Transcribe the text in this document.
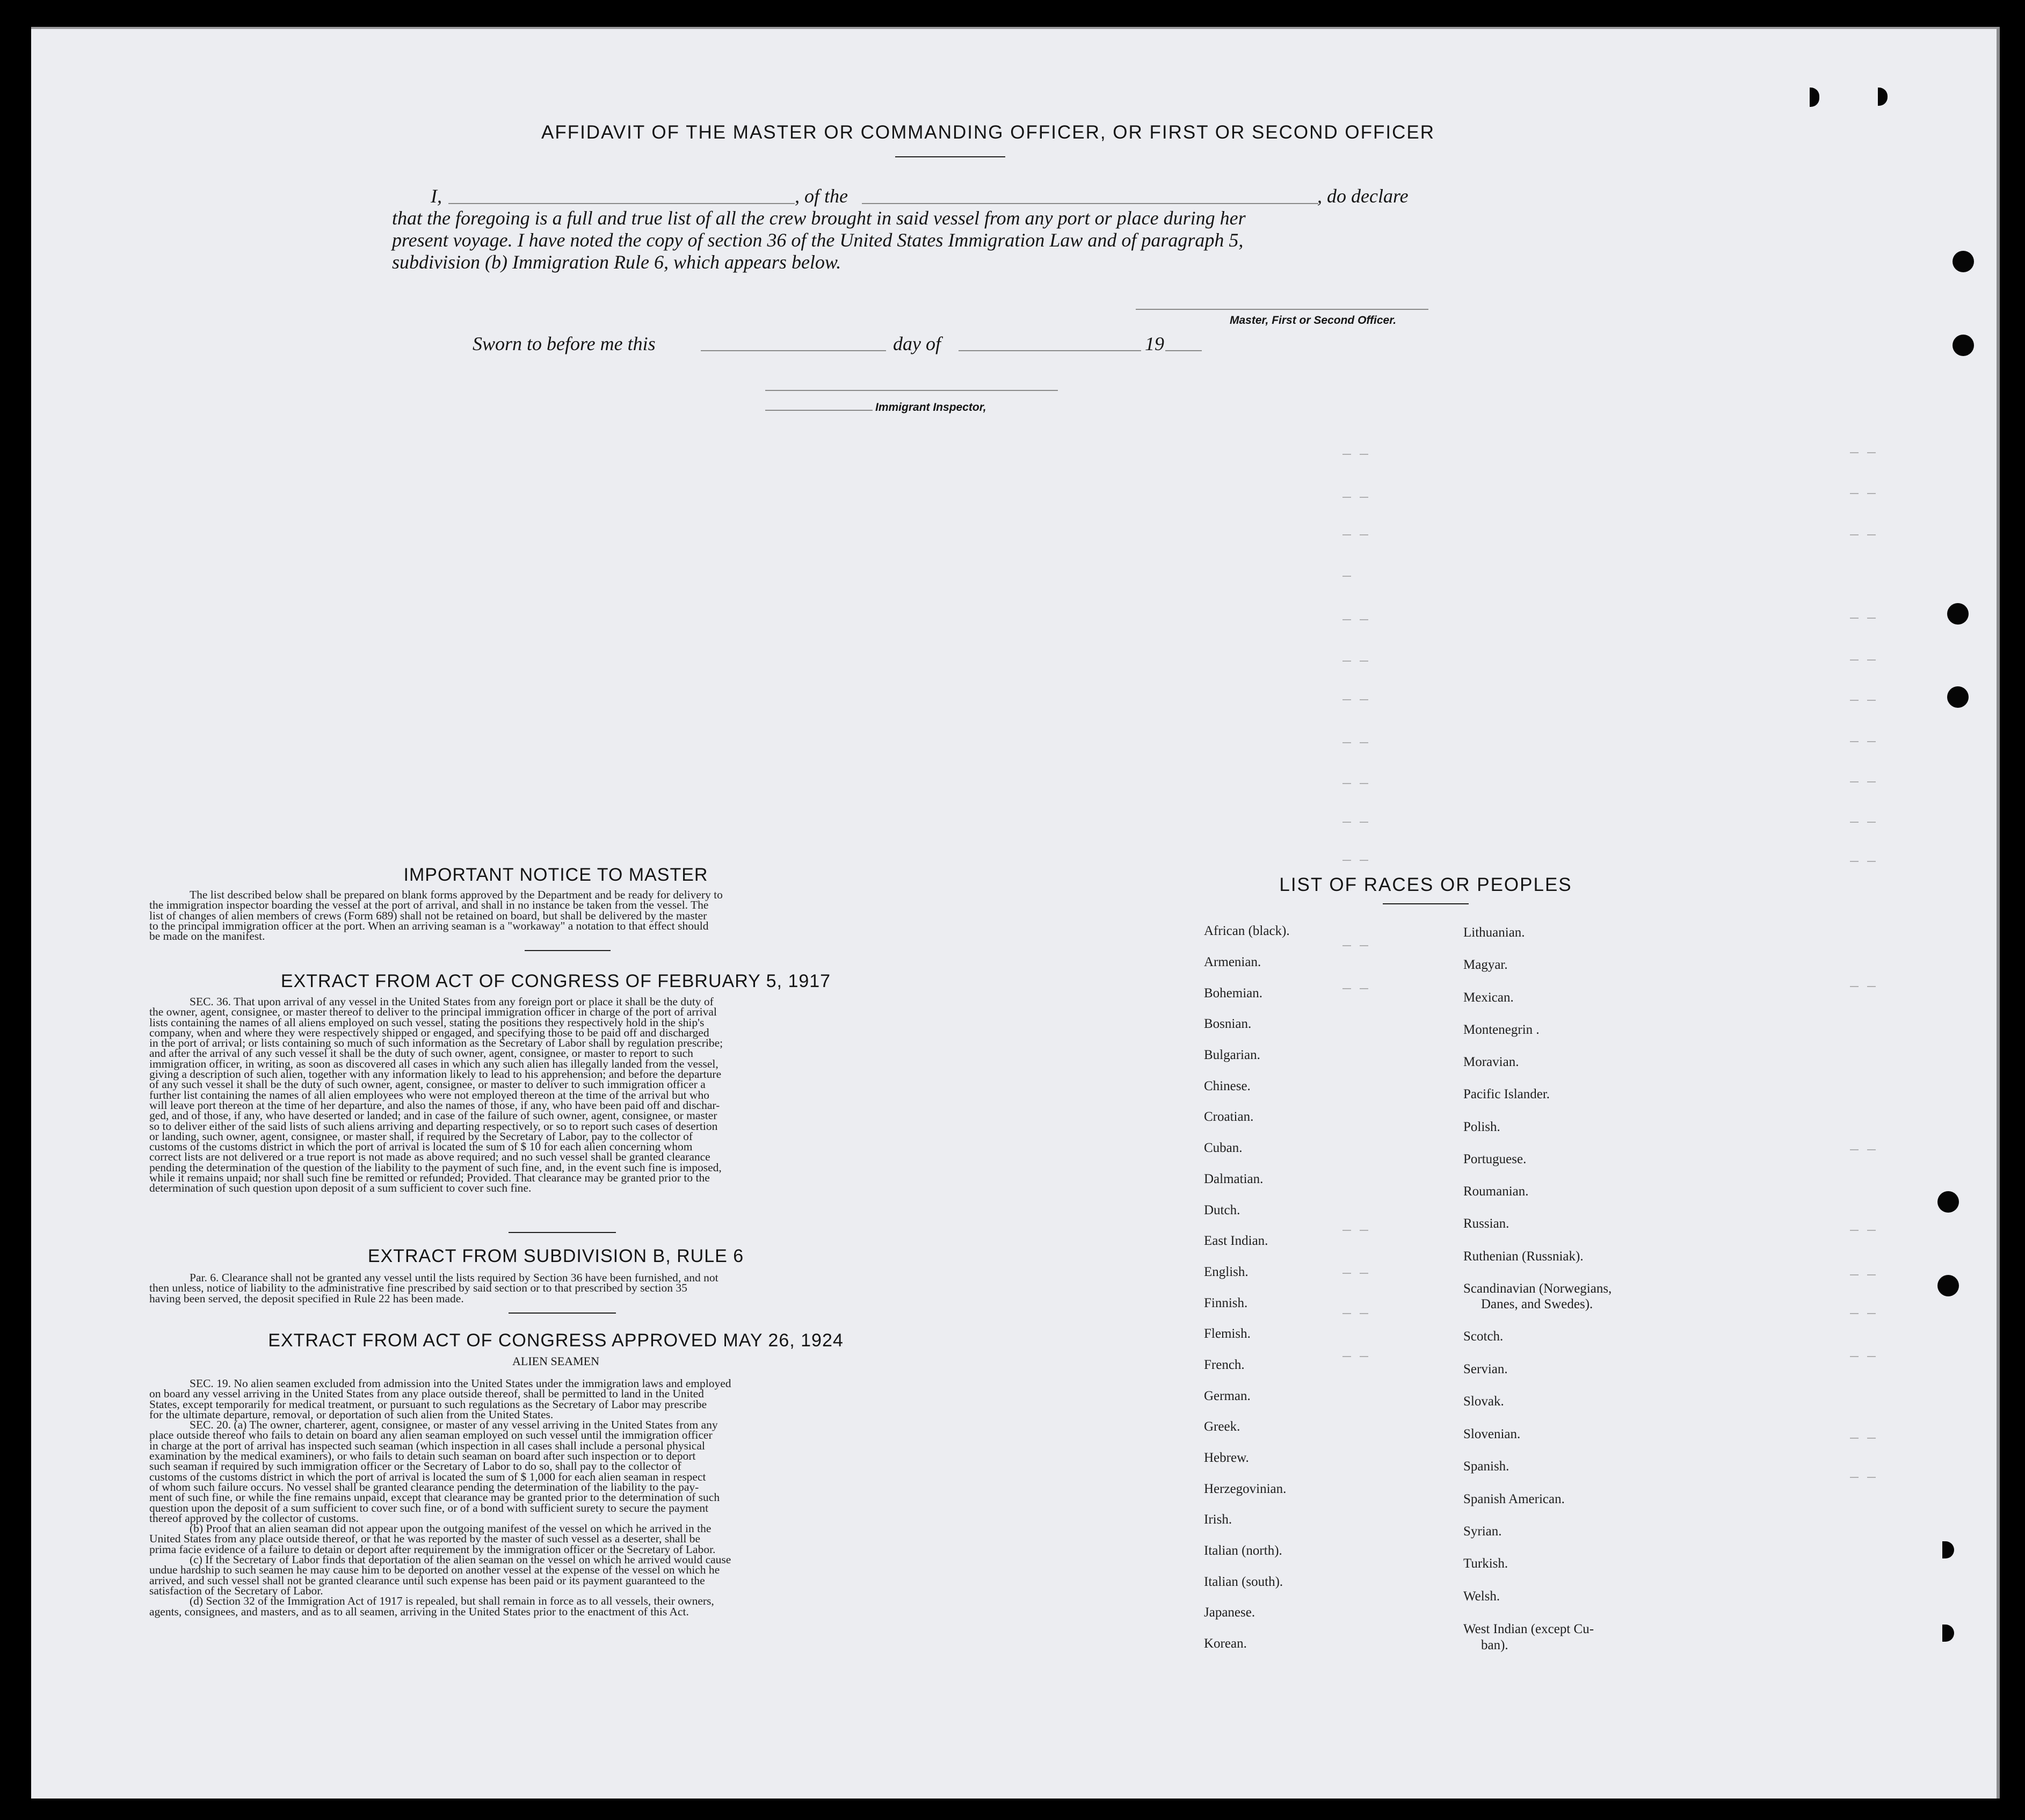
AFFIDAVIT OF THE MASTER OR COMMANDING OFFICER, OR FIRST OR SECOND OFFICER
I,	, of the	, do declare
that the foregoing is a full and true list of all the crew brought in said vessel from any port or place during her
present voyage. I have noted the copy of section 36 of the United States Immigration Law and of paragraph 5,
subdivision (b) Immigration Rule 6, which appears below.
Master, First or Second Officer.
Sworn to before me this	day of	19
Immigrant Inspector,
IMPORTANT NOTICE TO MASTER

The list described below shall be prepared on blank forms approved by the Department and be ready for delivery to

the immigration inspector boarding the vessel at the port of arrival, and shall in no instance be taken from the vessel. The
list of changes of alien members of crews (Form 689) shall not be retained on board, but shall be delivered by the master
to the principal immigration officer at the port. When an arriving seaman is a "workaway" a notation to that effect should
be made on the manifest.
EXTRACT FROM ACT OF CONGRESS OF FEBRUARY 5, 1917

SEC. 36. That upon arrival of any vessel in the United States from any foreign port or place it shall be the duty of

the owner, agent, consignee, or master thereof to deliver to the principal immigration officer in charge of the port of arrival
lists containing the names of all aliens employed on such vessel, stating the positions they respectively hold in the ship's
company, when and where they were respectively shipped or engaged, and specifying those to be paid off and discharged
in the port of arrival; or lists containing so much of such information as the Secretary of Labor shall by regulation prescribe;
and after the arrival of any such vessel it shall be the duty of such owner, agent, consignee, or master to report to such
immigration officer, in writing, as soon as discovered all cases in which any such alien has illegally landed from the vessel,
giving a description of such alien, together with any information likely to lead to his apprehension; and before the departure
of any such vessel it shall be the duty of such owner, agent, consignee, or master to deliver to such immigration officer a
further list containing the names of all alien employees who were not employed thereon at the time of the arrival but who
will leave port thereon at the time of her departure, and also the names of those, if any, who have been paid off and dischar-
ged, and of those, if any, who have deserted or landed; and in case of the failure of such owner, agent, consignee, or master
so to deliver either of the said lists of such aliens arriving and departing respectively, or so to report such cases of desertion
or landing, such owner, agent, consignee, or master shall, if required by the Secretary of Labor, pay to the collector of
customs of the customs district in which the port of arrival is located the sum of $ 10 for each alien concerning whom
correct lists are not delivered or a true report is not made as above required; and no such vessel shall be granted clearance
pending the determination of the question of the liability to the payment of such fine, and, in the event such fine is imposed,
while it remains unpaid; nor shall such fine be remitted or refunded; Provided. That clearance may be granted prior to the
determination of such question upon deposit of a sum sufficient to cover such fine.
EXTRACT FROM SUBDIVISION B, RULE 6

Par. 6. Clearance shall not be granted any vessel until the lists required by Section 36 have been furnished, and not

then unless, notice of liability to the administrative fine prescribed by said section or to that prescribed by section 35
having been served, the deposit specified in Rule 22 has been made.
EXTRACT FROM ACT OF CONGRESS APPROVED MAY 26, 1924
ALIEN SEAMEN

SEC. 19. No alien seamen excluded from admission into the United States under the immigration laws and employed

on board any vessel arriving in the United States from any place outside thereof, shall be permitted to land in the United
States, except temporarily for medical treatment, or pursuant to such regulations as the Secretary of Labor may prescribe
for the ultimate departure, removal, or deportation of such alien from the United States.

SEC. 20. (a) The owner, charterer, agent, consignee, or master of any vessel arriving in the United States from any

place outside thereof who fails to detain on board any alien seaman employed on such vessel until the immigration officer
in charge at the port of arrival has inspected such seaman (which inspection in all cases shall include a personal physical
examination by the medical examiners), or who fails to detain such seaman on board after such inspection or to deport
such seaman if required by such immigration officer or the Secretary of Labor to do so, shall pay to the collector of
customs of the customs district in which the port of arrival is located the sum of $ 1,000 for each alien seaman in respect
of whom such failure occurs. No vessel shall be granted clearance pending the determination of the liability to the pay-
ment of such fine, or while the fine remains unpaid, except that clearance may be granted prior to the determination of such
question upon the deposit of a sum sufficient to cover such fine, or of a bond with sufficient surety to secure the payment
thereof approved by the collector of customs.

(b) Proof that an alien seaman did not appear upon the outgoing manifest of the vessel on which he arrived in the

United States from any place outside thereof, or that he was reported by the master of such vessel as a deserter, shall be
prima facie evidence of a failure to detain or deport after requirement by the immigration officer or the Secretary of Labor.

(c) If the Secretary of Labor finds that deportation of the alien seaman on the vessel on which he arrived would cause

undue hardship to such seamen he may cause him to be deported on another vessel at the expense of the vessel on which he
arrived, and such vessel shall not be granted clearance until such expense has been paid or its payment guaranteed to the
satisfaction of the Secretary of Labor.

(d) Section 32 of the Immigration Act of 1917 is repealed, but shall remain in force as to all vessels, their owners,

agents, consignees, and masters, and as to all seamen, arriving in the United States prior to the enactment of this Act.
LIST OF RACES OR PEOPLES
African (black).
Armenian.
Bohemian.
Bosnian.
Bulgarian.
Chinese.
Croatian.
Cuban.
Dalmatian.
Dutch.
East Indian.
English.
Finnish.
Flemish.
French.
German.
Greek.
Hebrew.
Herzegovinian.
Irish.
Italian (north).
Italian (south).
Japanese.
Korean.
Lithuanian.
Magyar.
Mexican.
Montenegrin .
Moravian.
Pacific Islander.
Polish.
Portuguese.
Roumanian.
Russian.
Ruthenian (Russniak).
Scandinavian (Norwegians,
Danes, and Swedes).
Scotch.
Servian.
Slovak.
Slovenian.
Spanish.
Spanish American.
Syrian.
Turkish.
Welsh.
West Indian (except Cu-
ban).
